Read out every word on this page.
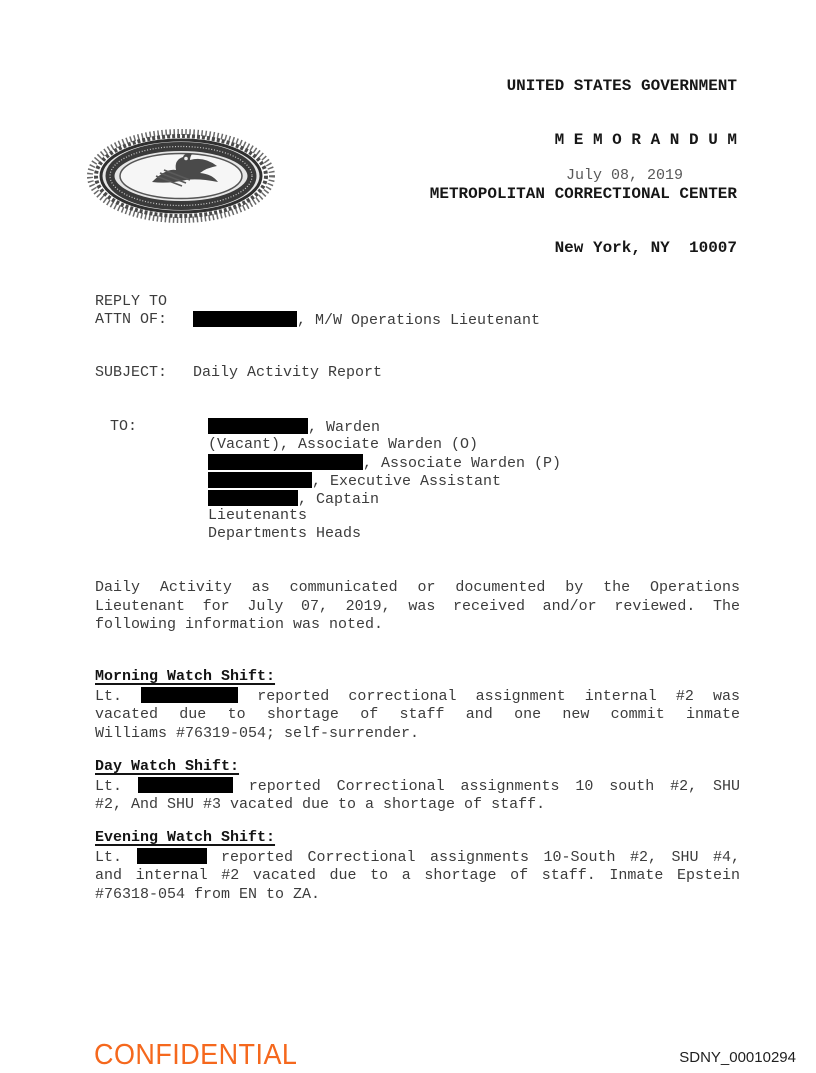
UNITED STATES GOVERNMENT

M E M O R A N D U M

METROPOLITAN CORRECTIONAL CENTER

New York, NY  10007

July 08, 2019
REPLY TO
ATTN OF:	, M/W Operations Lieutenant
SUBJECT:	Daily Activity Report
TO:	, Warden
(Vacant), Associate Warden (O)
, Associate Warden (P)
, Executive Assistant
, Captain
Lieutenants
Departments Heads
Daily Activity as communicated or documented by the Operations
Lieutenant for July 07, 2019, was received and/or reviewed. The
following information was noted.
Morning Watch Shift:
Lt.	reported correctional assignment internal #2 was
vacated due to shortage of staff and one new commit inmate
Williams #76319-054; self-surrender.
Day Watch Shift:
Lt.	reported Correctional assignments 10 south #2, SHU
#2, And SHU #3 vacated due to a shortage of staff.
Evening Watch Shift:
Lt.	reported Correctional assignments 10-South #2, SHU #4,
and internal #2 vacated due to a shortage of staff. Inmate Epstein
#76318-054 from EN to ZA.
CONFIDENTIAL	SDNY_00010294
